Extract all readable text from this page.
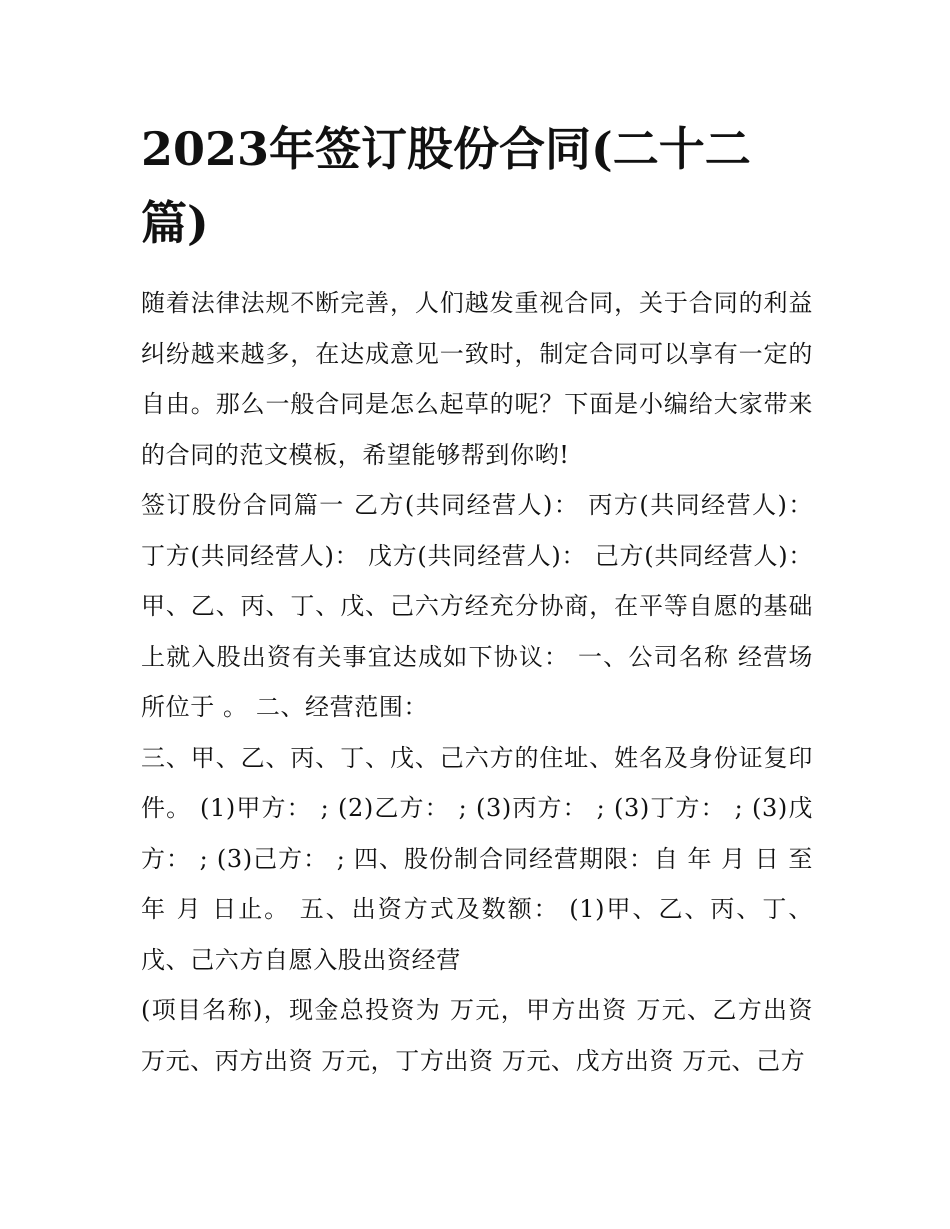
2023年签订股份合同(二十二篇)

随着法律法规不断完善，人们越发重视合同，关于合同的利益纠纷越来越多，在达成意见一致时，制定合同可以享有一定的自由。那么一般合同是怎么起草的呢？下面是小编给大家带来的合同的范文模板，希望能够帮到你哟!

签订股份合同篇一 乙方(共同经营人)： 丙方(共同经营人)： 丁方(共同经营人)： 戊方(共同经营人)： 己方(共同经营人)： 甲、乙、丙、丁、戊、己六方经充分协商，在平等自愿的基础上就入股出资有关事宜达成如下协议： 一、公司名称 经营场所位于 。 二、经营范围：

三、甲、乙、丙、丁、戊、己六方的住址、姓名及身份证复印件。 (1)甲方： ; (2)乙方： ; (3)丙方： ; (3)丁方： ; (3)戊方： ; (3)己方： ; 四、股份制合同经营期限：自 年 月 日 至 年 月 日止。 五、出资方式及数额： (1)甲、乙、丙、丁、戊、己六方自愿入股出资经营

(项目名称)，现金总投资为 万元，甲方出资 万元、乙方出资 万元、丙方出资 万元，丁方出资 万元、戊方出资 万元、己方
